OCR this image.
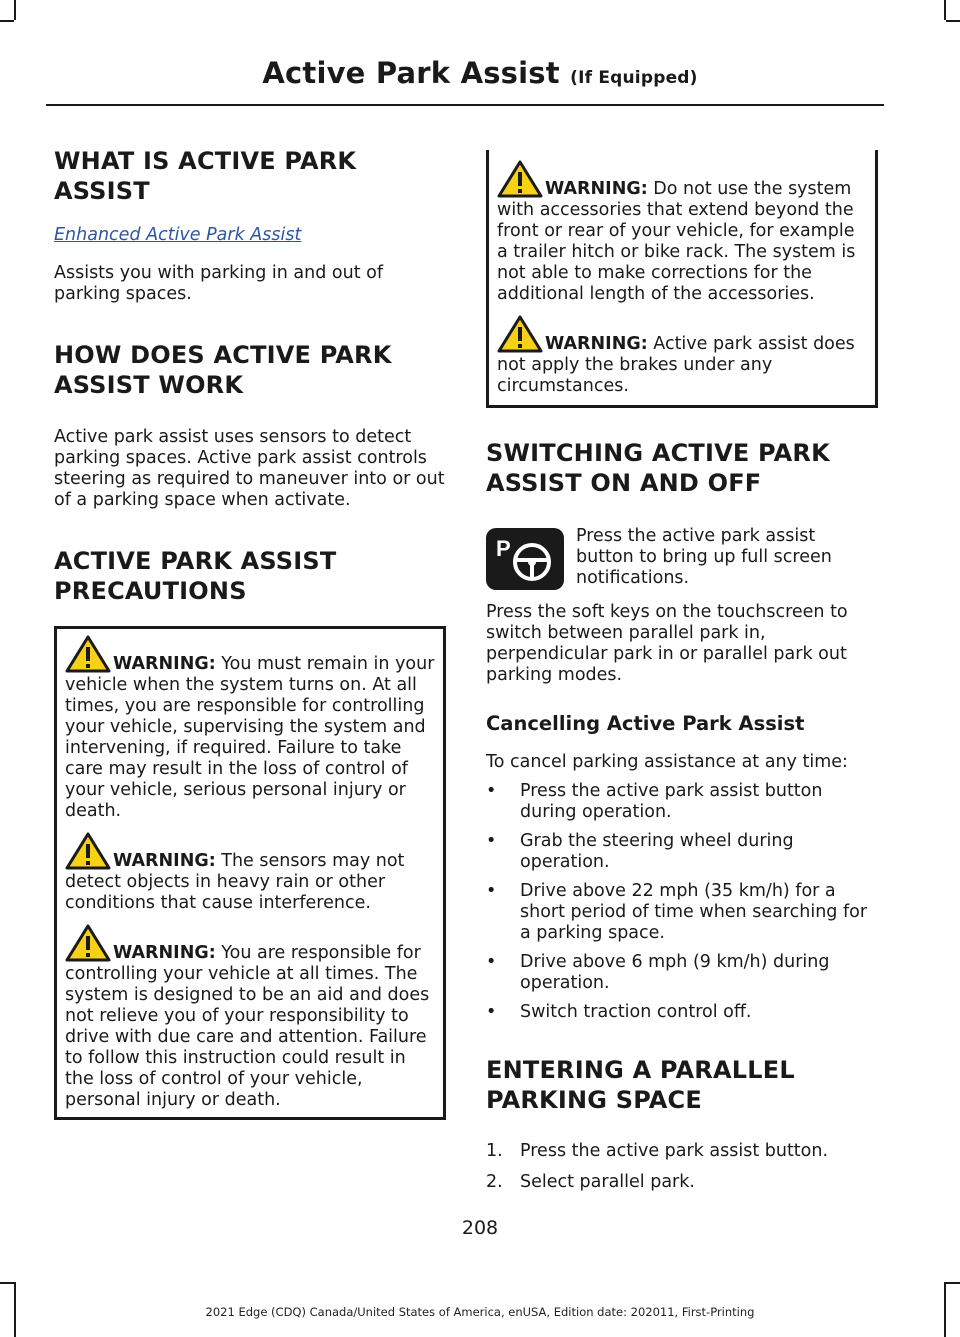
Active Park Assist (If Equipped)
WHAT IS ACTIVE PARK ASSIST
Enhanced Active Park Assist

Assists you with parking in and out of parking spaces.

HOW DOES ACTIVE PARK ASSIST WORK

Active park assist uses sensors to detect parking spaces. Active park assist controls steering as required to maneuver into or out of a parking space when activate.

ACTIVE PARK ASSIST PRECAUTIONS
WARNING: You must remain in your vehicle when the system turns on. At all times, you are responsible for controlling your vehicle, supervising the system and intervening, if required. Failure to take care may result in the loss of control of your vehicle, serious personal injury or death.
WARNING: The sensors may not detect objects in heavy rain or other conditions that cause interference.
WARNING: You are responsible for controlling your vehicle at all times. The system is designed to be an aid and does not relieve you of your responsibility to drive with due care and attention. Failure to follow this instruction could result in the loss of control of your vehicle, personal injury or death.
WARNING: Do not use the system with accessories that extend beyond the front or rear of your vehicle, for example a trailer hitch or bike rack. The system is not able to make corrections for the additional length of the accessories.
WARNING: Active park assist does not apply the brakes under any circumstances.
SWITCHING ACTIVE PARK ASSIST ON AND OFF
P	Press the active park assist button to bring up full screen notifications.

Press the soft keys on the touchscreen to switch between parallel park in, perpendicular park in or parallel park out parking modes.

Cancelling Active Park Assist

To cancel parking assistance at any time:

• Press the active park assist button during operation.
• Grab the steering wheel during operation.
• Drive above 22 mph (35 km/h) for a short period of time when searching for a parking space.
• Drive above 6 mph (9 km/h) during operation.
• Switch traction control off.
ENTERING A PARALLEL PARKING SPACE
1. Press the active park assist button.
2. Select parallel park.
208
2021 Edge (CDQ) Canada/United States of America, enUSA, Edition date: 202011, First-Printing
